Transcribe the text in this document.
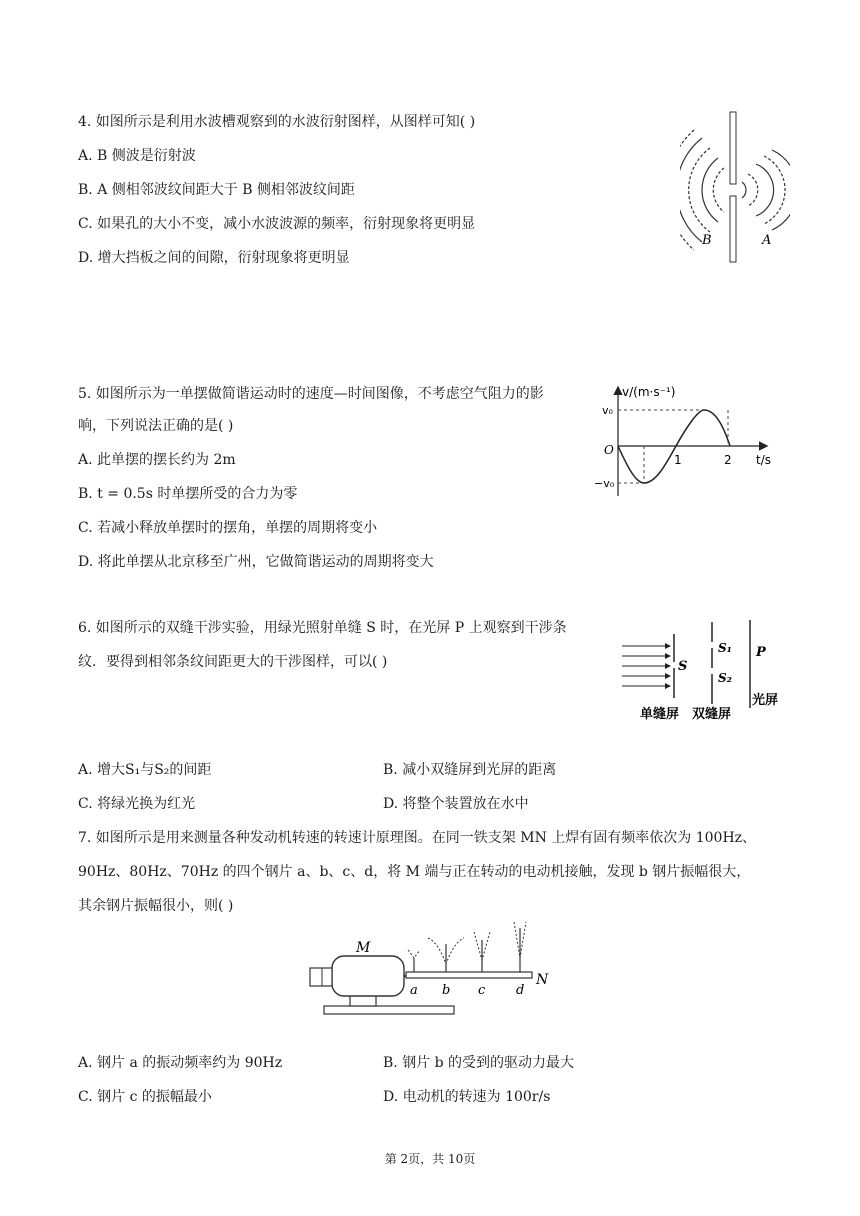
4. 如图所示是利用水波槽观察到的水波衍射图样，从图样可知( )
A. B 侧波是衍射波
B. A 侧相邻波纹间距大于 B 侧相邻波纹间距
C. 如果孔的大小不变，减小水波波源的频率，衍射现象将更明显
D. 增大挡板之间的间隙，衍射现象将更明显
B	A
5. 如图所示为一单摆做简谐运动时的速度—时间图像，不考虑空气阻力的影
响，下列说法正确的是( )
A. 此单摆的摆长约为 2m
B. t = 0.5s 时单摆所受的合力为零
C. 若减小释放单摆时的摆角，单摆的周期将变小
D. 将此单摆从北京移至广州，它做简谐运动的周期将变大
v/(m·s⁻¹)
t/s
O
v₀
−v₀
1	2
6. 如图所示的双缝干涉实验，用绿光照射单缝 S 时，在光屏 P 上观察到干涉条
纹．要得到相邻条纹间距更大的干涉图样，可以( )	S
S₁
S₂
P
单缝屏 双缝屏
光屏
A. 增大S₁与S₂的间距	B. 减小双缝屏到光屏的距离
C. 将绿光换为红光	D. 将整个装置放在水中
7. 如图所示是用来测量各种发动机转速的转速计原理图。在同一铁支架 MN 上焊有固有频率依次为 100Hz、
90Hz、80Hz、70Hz 的四个钢片 a、b、c、d，将 M 端与正在转动的电动机接触，发现 b 钢片振幅很大，
其余钢片振幅很小，则( )
M
N
a b c d
A. 钢片 a 的振动频率约为 90Hz	B. 钢片 b 的受到的驱动力最大
C. 钢片 c 的振幅最小	D. 电动机的转速为 100r/s
第 2页，共 10页
